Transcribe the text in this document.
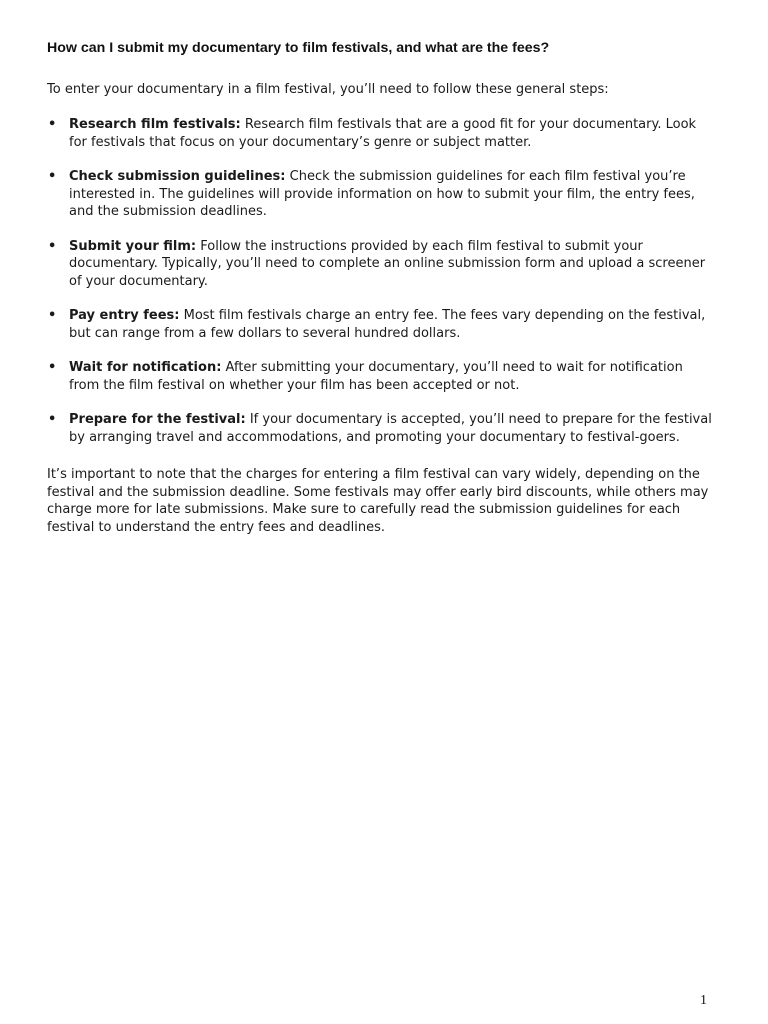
How can I submit my documentary to film festivals, and what are the fees?

To enter your documentary in a film festival, you’ll need to follow these general steps:

• Research film festivals: Research film festivals that are a good fit for your documentary. Look for festivals that focus on your documentary’s genre or subject matter.
• Check submission guidelines: Check the submission guidelines for each film festival you’re interested in. The guidelines will provide information on how to submit your film, the entry fees, and the submission deadlines.
• Submit your film: Follow the instructions provided by each film festival to submit your documentary. Typically, you’ll need to complete an online submission form and upload a screener of your documentary.
• Pay entry fees: Most film festivals charge an entry fee. The fees vary depending on the festival, but can range from a few dollars to several hundred dollars.
• Wait for notification: After submitting your documentary, you’ll need to wait for notification from the film festival on whether your film has been accepted or not.
• Prepare for the festival: If your documentary is accepted, you’ll need to prepare for the festival by arranging travel and accommodations, and promoting your documentary to festival-goers.

It’s important to note that the charges for entering a film festival can vary widely, depending on the festival and the submission deadline. Some festivals may offer early bird discounts, while others may charge more for late submissions. Make sure to carefully read the submission guidelines for each festival to understand the entry fees and deadlines.

1
